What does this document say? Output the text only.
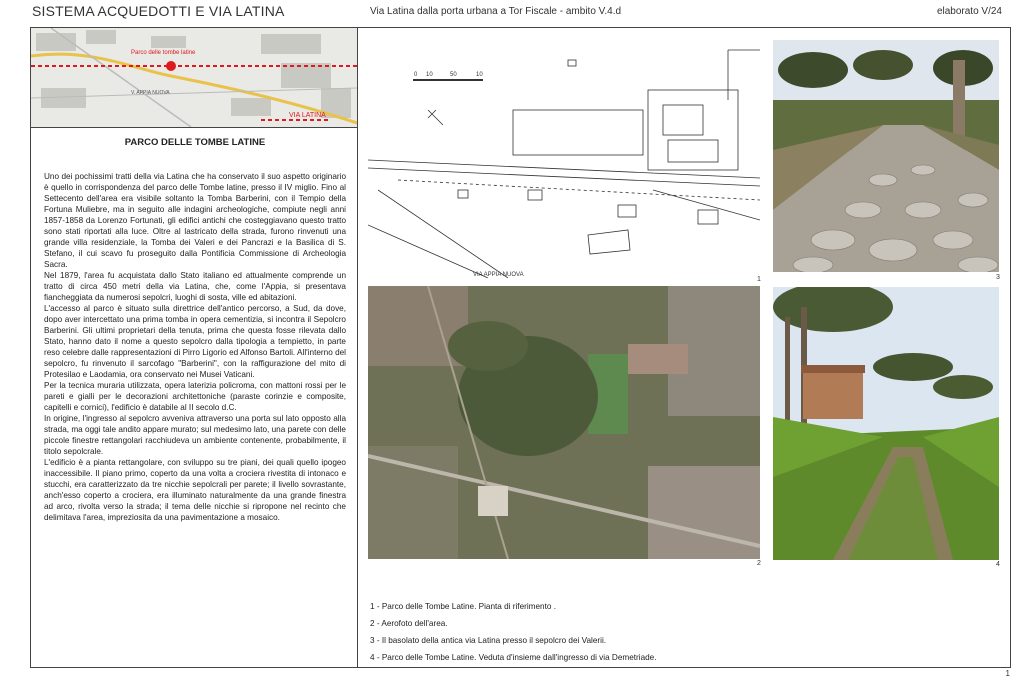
SISTEMA ACQUEDOTTI E VIA LATINA	Via Latina dalla porta urbana a Tor Fiscale - ambito V.4.d	elaborato V/24
Parco delle tombe latine
V. APPIA NUOVA
VIA LATINA
PARCO DELLE TOMBE LATINE

Uno dei pochissimi tratti della via Latina che ha conservato il suo aspetto originario è quello in corrispondenza del parco delle Tombe latine, presso il IV miglio. Fino al Settecento dell'area era visibile soltanto la Tomba Barberini, con il Tempio della Fortuna Muliebre, ma in seguito alle indagini archeologiche, compiute negli anni 1857-1858 da Lorenzo Fortunati, gli edifici antichi che costeggiavano questo tratto sono stati riportati alla luce. Oltre al lastricato della strada, furono rinvenuti una grande villa residenziale, la Tomba dei Valeri e dei Pancrazi e la Basilica di S. Stefano, il cui scavo fu proseguito dalla Pontificia Commissione di Archeologia Sacra.

Nel 1879, l'area fu acquistata dallo Stato italiano ed attualmente comprende un tratto di circa 450 metri della via Latina, che, come l'Appia, si presentava fiancheggiata da numerosi sepolcri, luoghi di sosta, ville ed abitazioni.

L'accesso al parco è situato sulla direttrice dell'antico percorso, a Sud, da dove, dopo aver intercettato una prima tomba in opera cementizia, si incontra il Sepolcro Barberini. Gli ultimi proprietari della tenuta, prima che questa fosse rilevata dallo Stato, hanno dato il nome a questo sepolcro dalla tipologia a tempietto, in parte reso celebre dalle rappresentazioni di Pirro Ligorio ed Alfonso Bartoli. All'interno del sepolcro, fu rinvenuto il sarcofago "Barberini", con la raffigurazione del mito di Protesilao e Laodamia, ora conservato nei Musei Vaticani.

Per la tecnica muraria utilizzata, opera laterizia policroma, con mattoni rossi per le pareti e gialli per le decorazioni architettoniche (paraste corinzie e composite, capitelli e cornici), l'edificio è databile al II secolo d.C.

In origine, l'ingresso al sepolcro avveniva attraverso una porta sul lato opposto alla strada, ma oggi tale andito appare murato; sul medesimo lato, una parete con delle piccole finestre rettangolari racchiudeva un ambiente contenente, probabilmente, il titolo sepolcrale.

L'edificio è a pianta rettangolare, con sviluppo su tre piani, dei quali quello ipogeo inaccessibile. Il piano primo, coperto da una volta a crociera rivestita di intonaco e stucchi, era caratterizzato da tre nicchie sepolcrali per parete; il livello sovrastante, anch'esso coperto a crociera, era illuminato naturalmente da una grande finestra ad arco, rivolta verso la strada; il tema delle nicchie si ripropone nel recinto che delimitava l'area, impreziosita da una pavimentazione a mosaico.

VIA APPIA NUOVA
0 10	50	10
1
2
3
4
1 - Parco delle Tombe Latine. Pianta di riferimento .
2 - Aerofoto dell'area.
3 - Il basolato della antica via Latina presso il sepolcro dei Valerii.
4 - Parco delle Tombe Latine. Veduta d'insieme dall'ingresso di via Demetriade.
1
